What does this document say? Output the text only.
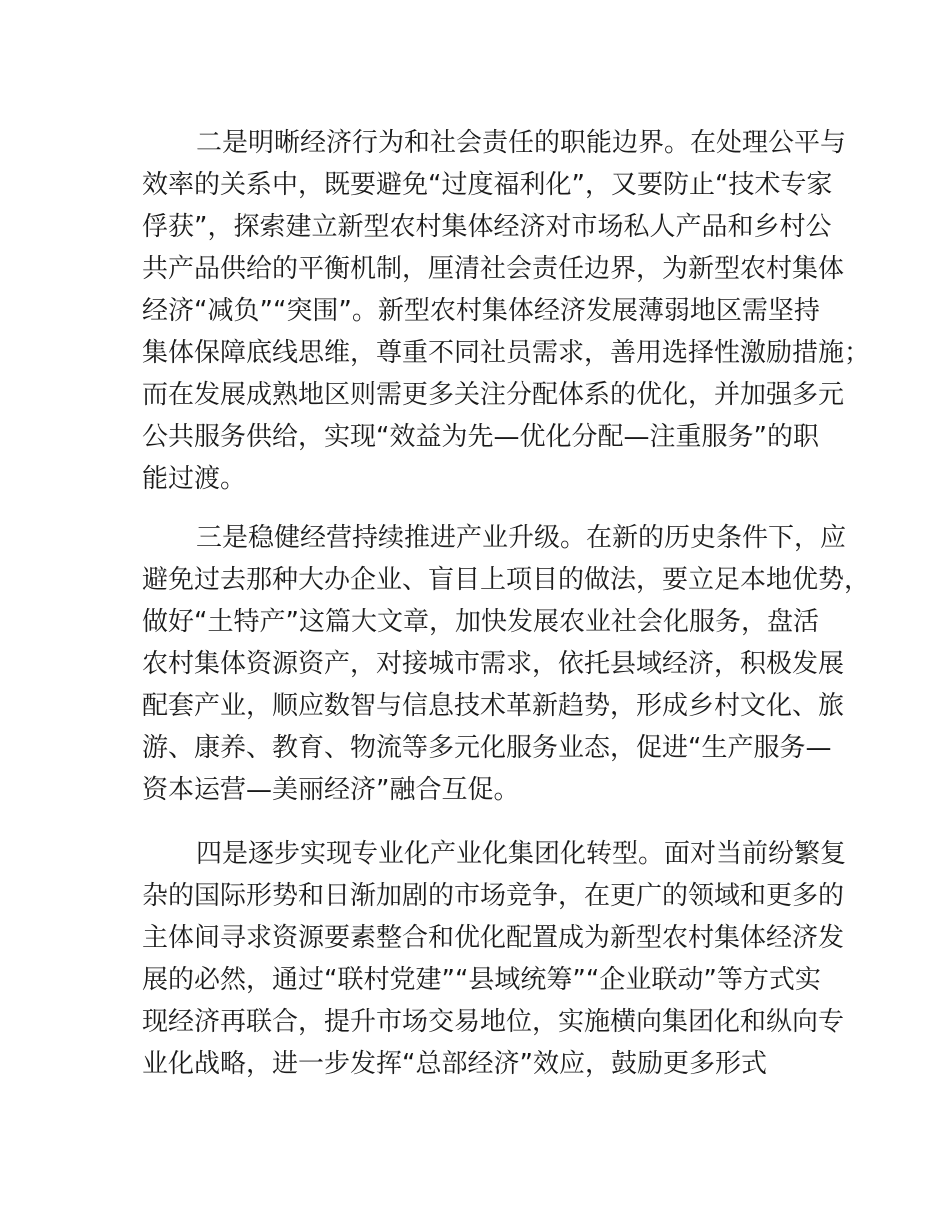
二是明晰经济行为和社会责任的职能边界。在处理公平与
效率的关系中，既要避免“过度福利化”，又要防止“技术专家
俘获”，探索建立新型农村集体经济对市场私人产品和乡村公
共产品供给的平衡机制，厘清社会责任边界，为新型农村集体
经济“减负”“突围”。新型农村集体经济发展薄弱地区需坚持
集体保障底线思维，尊重不同社员需求，善用选择性激励措施；
而在发展成熟地区则需更多关注分配体系的优化，并加强多元
公共服务供给，实现“效益为先—优化分配—注重服务”的职
能过渡。
三是稳健经营持续推进产业升级。在新的历史条件下，应
避免过去那种大办企业、盲目上项目的做法，要立足本地优势，
做好“土特产”这篇大文章，加快发展农业社会化服务，盘活
农村集体资源资产，对接城市需求，依托县域经济，积极发展
配套产业，顺应数智与信息技术革新趋势，形成乡村文化、旅
游、康养、教育、物流等多元化服务业态，促进“生产服务—
资本运营—美丽经济”融合互促。
四是逐步实现专业化产业化集团化转型。面对当前纷繁复
杂的国际形势和日渐加剧的市场竞争，在更广的领域和更多的
主体间寻求资源要素整合和优化配置成为新型农村集体经济发
展的必然，通过“联村党建”“县域统筹”“企业联动”等方式实
现经济再联合，提升市场交易地位，实施横向集团化和纵向专
业化战略，进一步发挥“总部经济”效应，鼓励更多形式
